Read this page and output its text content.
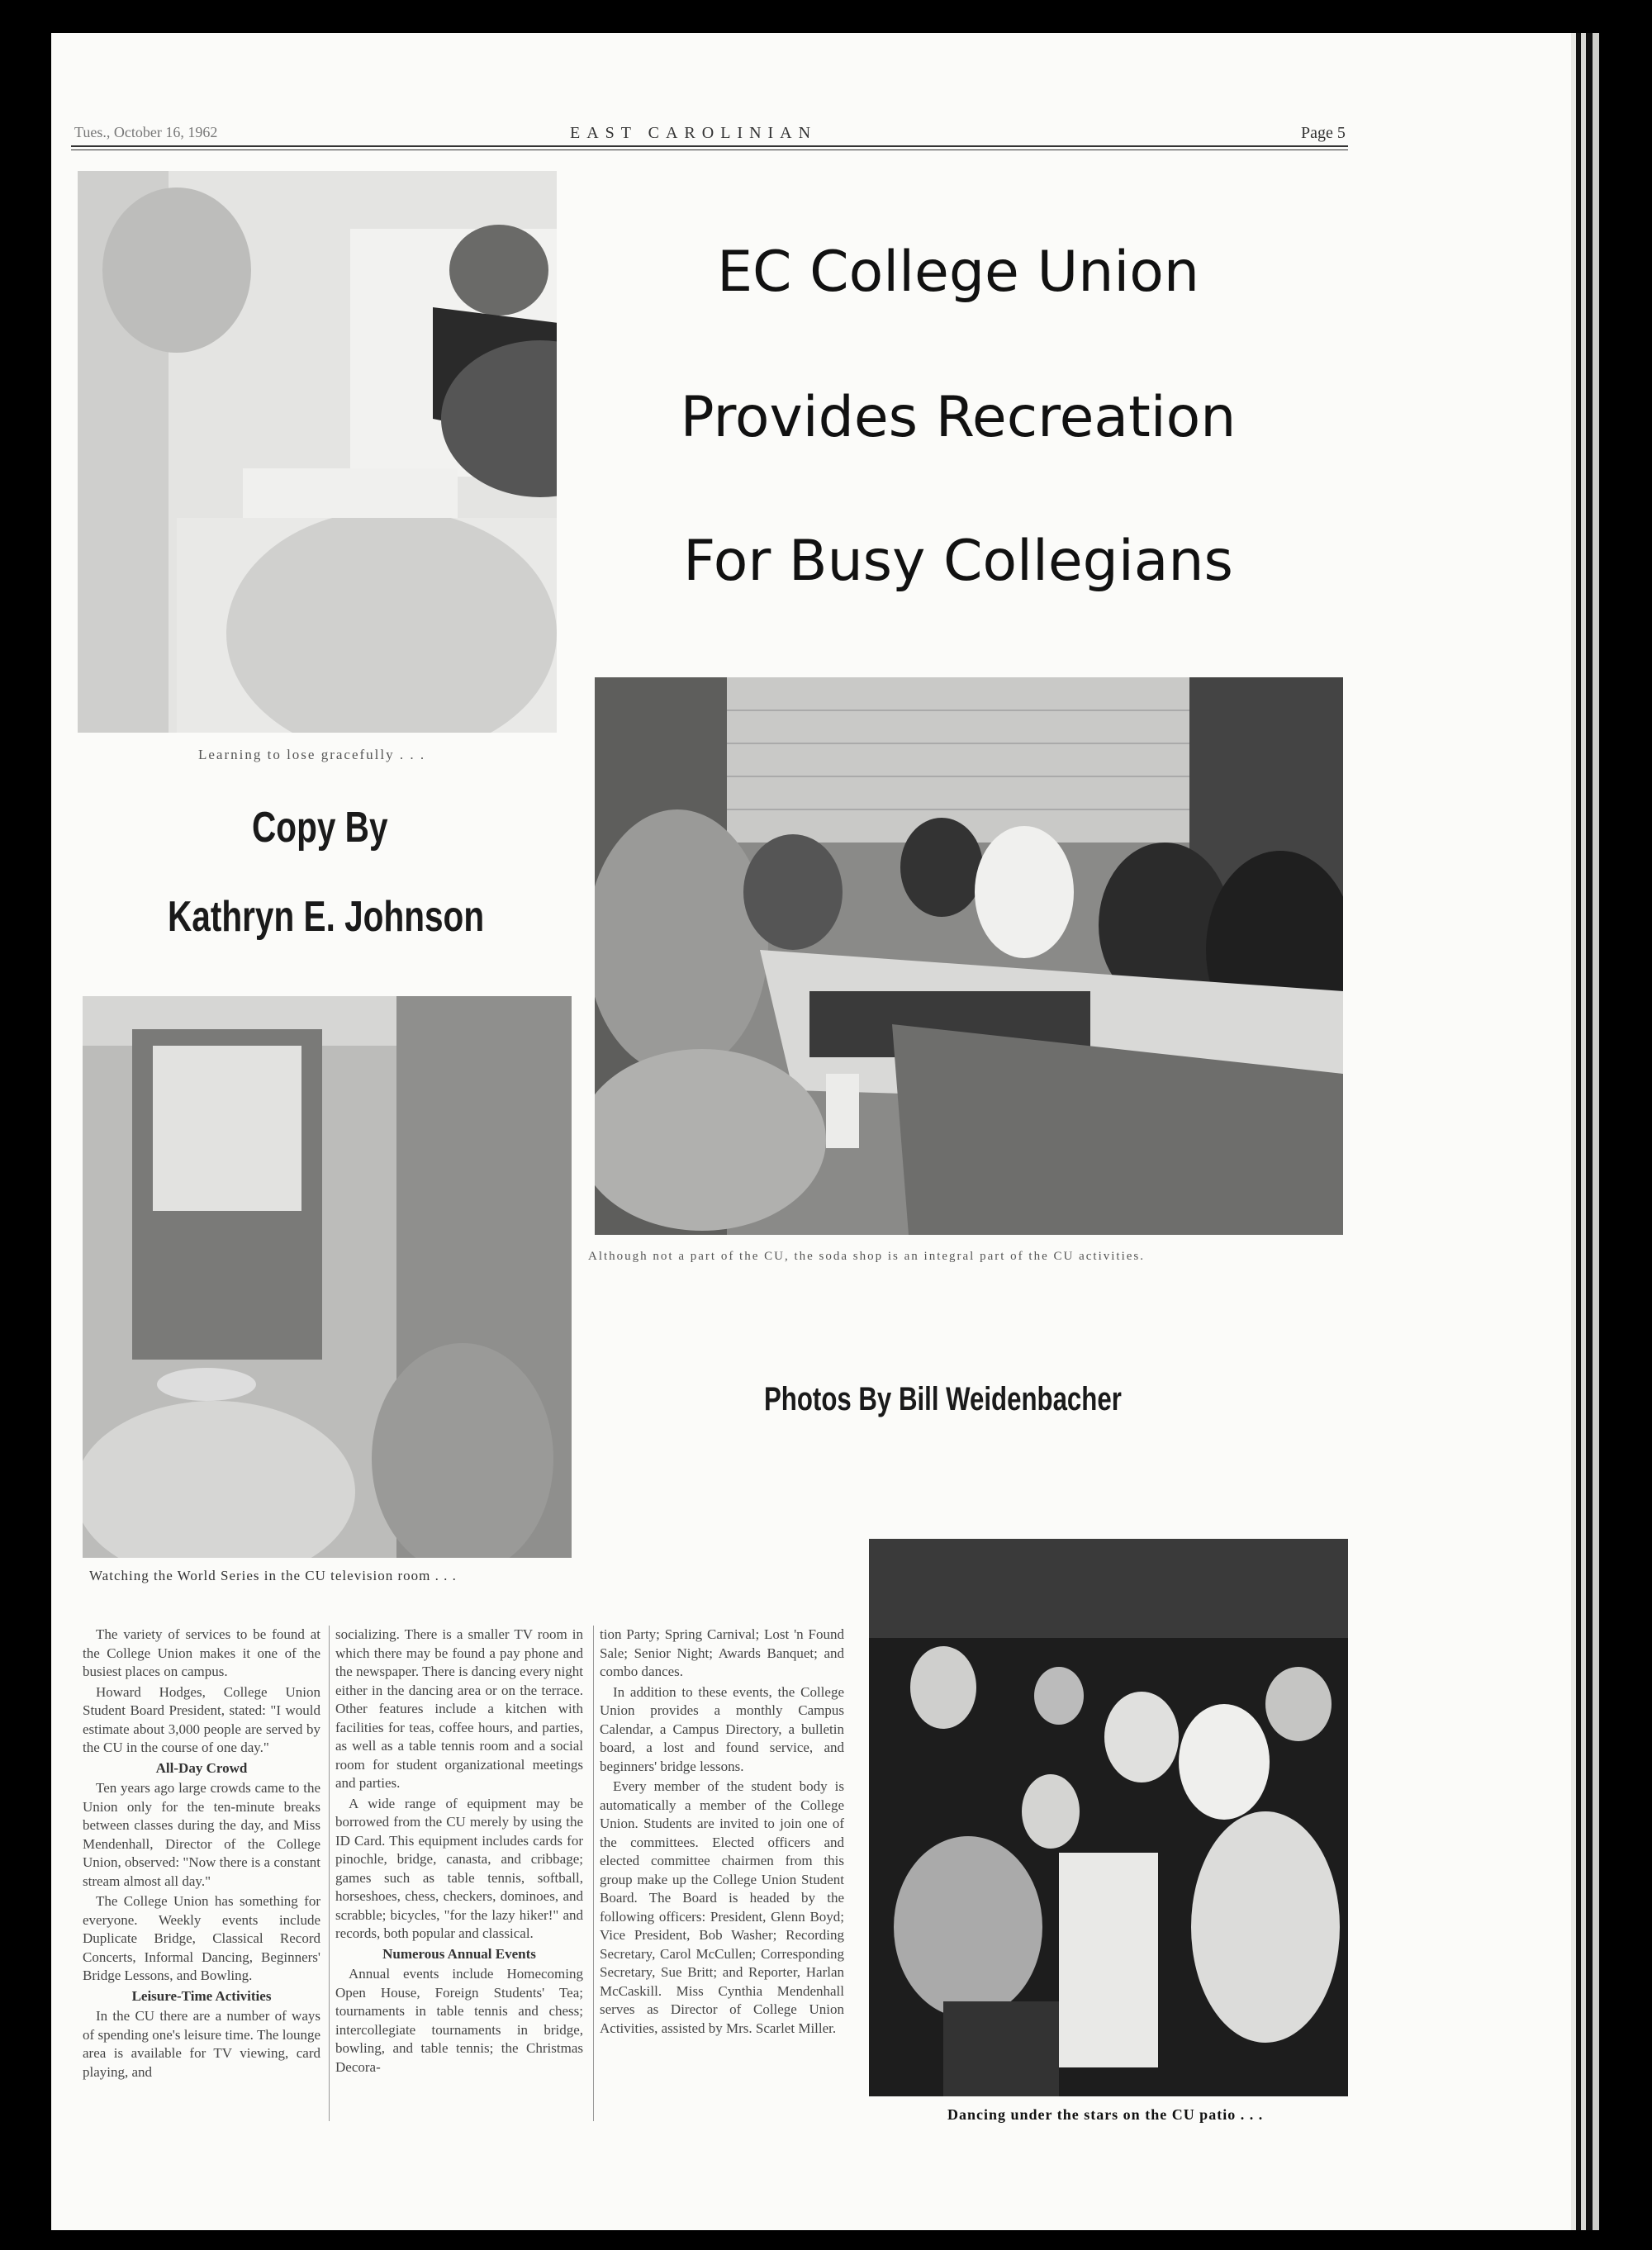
Tues., October 16, 1962	EAST CAROLINIAN	Page 5
Learning to lose gracefully . . .
EC College Union
Provides Recreation
For Busy Collegians
Copy By
Kathryn E. Johnson
Although not a part of the CU, the soda shop is an integral part of the CU activities.
Photos By Bill Weidenbacher
Watching the World Series in the CU television room . . .
Dancing under the stars on the CU patio . . .

The variety of services to be found at the College Union makes it one of the busiest places on campus.

Howard Hodges, College Union Student Board President, stated: "I would estimate about 3,000 people are served by the CU in the course of one day."

All-Day Crowd

Ten years ago large crowds came to the Union only for the ten-minute breaks between classes during the day, and Miss Mendenhall, Director of the College Union, observed: "Now there is a constant stream almost all day."

The College Union has something for everyone. Weekly events include Duplicate Bridge, Classical Record Concerts, Informal Dancing, Beginners' Bridge Lessons, and Bowling.

Leisure-Time Activities

In the CU there are a number of ways of spending one's leisure time. The lounge area is available for TV viewing, card playing, and

socializing. There is a smaller TV room in which there may be found a pay phone and the newspaper. There is dancing every night either in the dancing area or on the terrace. Other features include a kitchen with facilities for teas, coffee hours, and parties, as well as a table tennis room and a social room for student organizational meetings and parties.

A wide range of equipment may be borrowed from the CU merely by using the ID Card. This equipment includes cards for pinochle, bridge, canasta, and cribbage; games such as table tennis, softball, horseshoes, chess, checkers, dominoes, and scrabble; bicycles, "for the lazy hiker!" and records, both popular and classical.

Numerous Annual Events

Annual events include Homecoming Open House, Foreign Students' Tea; tournaments in table tennis and chess; intercollegiate tournaments in bridge, bowling, and table tennis; the Christmas Decora-

tion Party; Spring Carnival; Lost 'n Found Sale; Senior Night; Awards Banquet; and combo dances.

In addition to these events, the College Union provides a monthly Campus Calendar, a Campus Directory, a bulletin board, a lost and found service, and beginners' bridge lessons.

Every member of the student body is automatically a member of the College Union. Students are invited to join one of the committees. Elected officers and elected committee chairmen from this group make up the College Union Student Board. The Board is headed by the following officers: President, Glenn Boyd; Vice President, Bob Washer; Recording Secretary, Carol McCullen; Corresponding Secretary, Sue Britt; and Reporter, Harlan McCaskill. Miss Cynthia Mendenhall serves as Director of College Union Activities, assisted by Mrs. Scarlet Miller.
